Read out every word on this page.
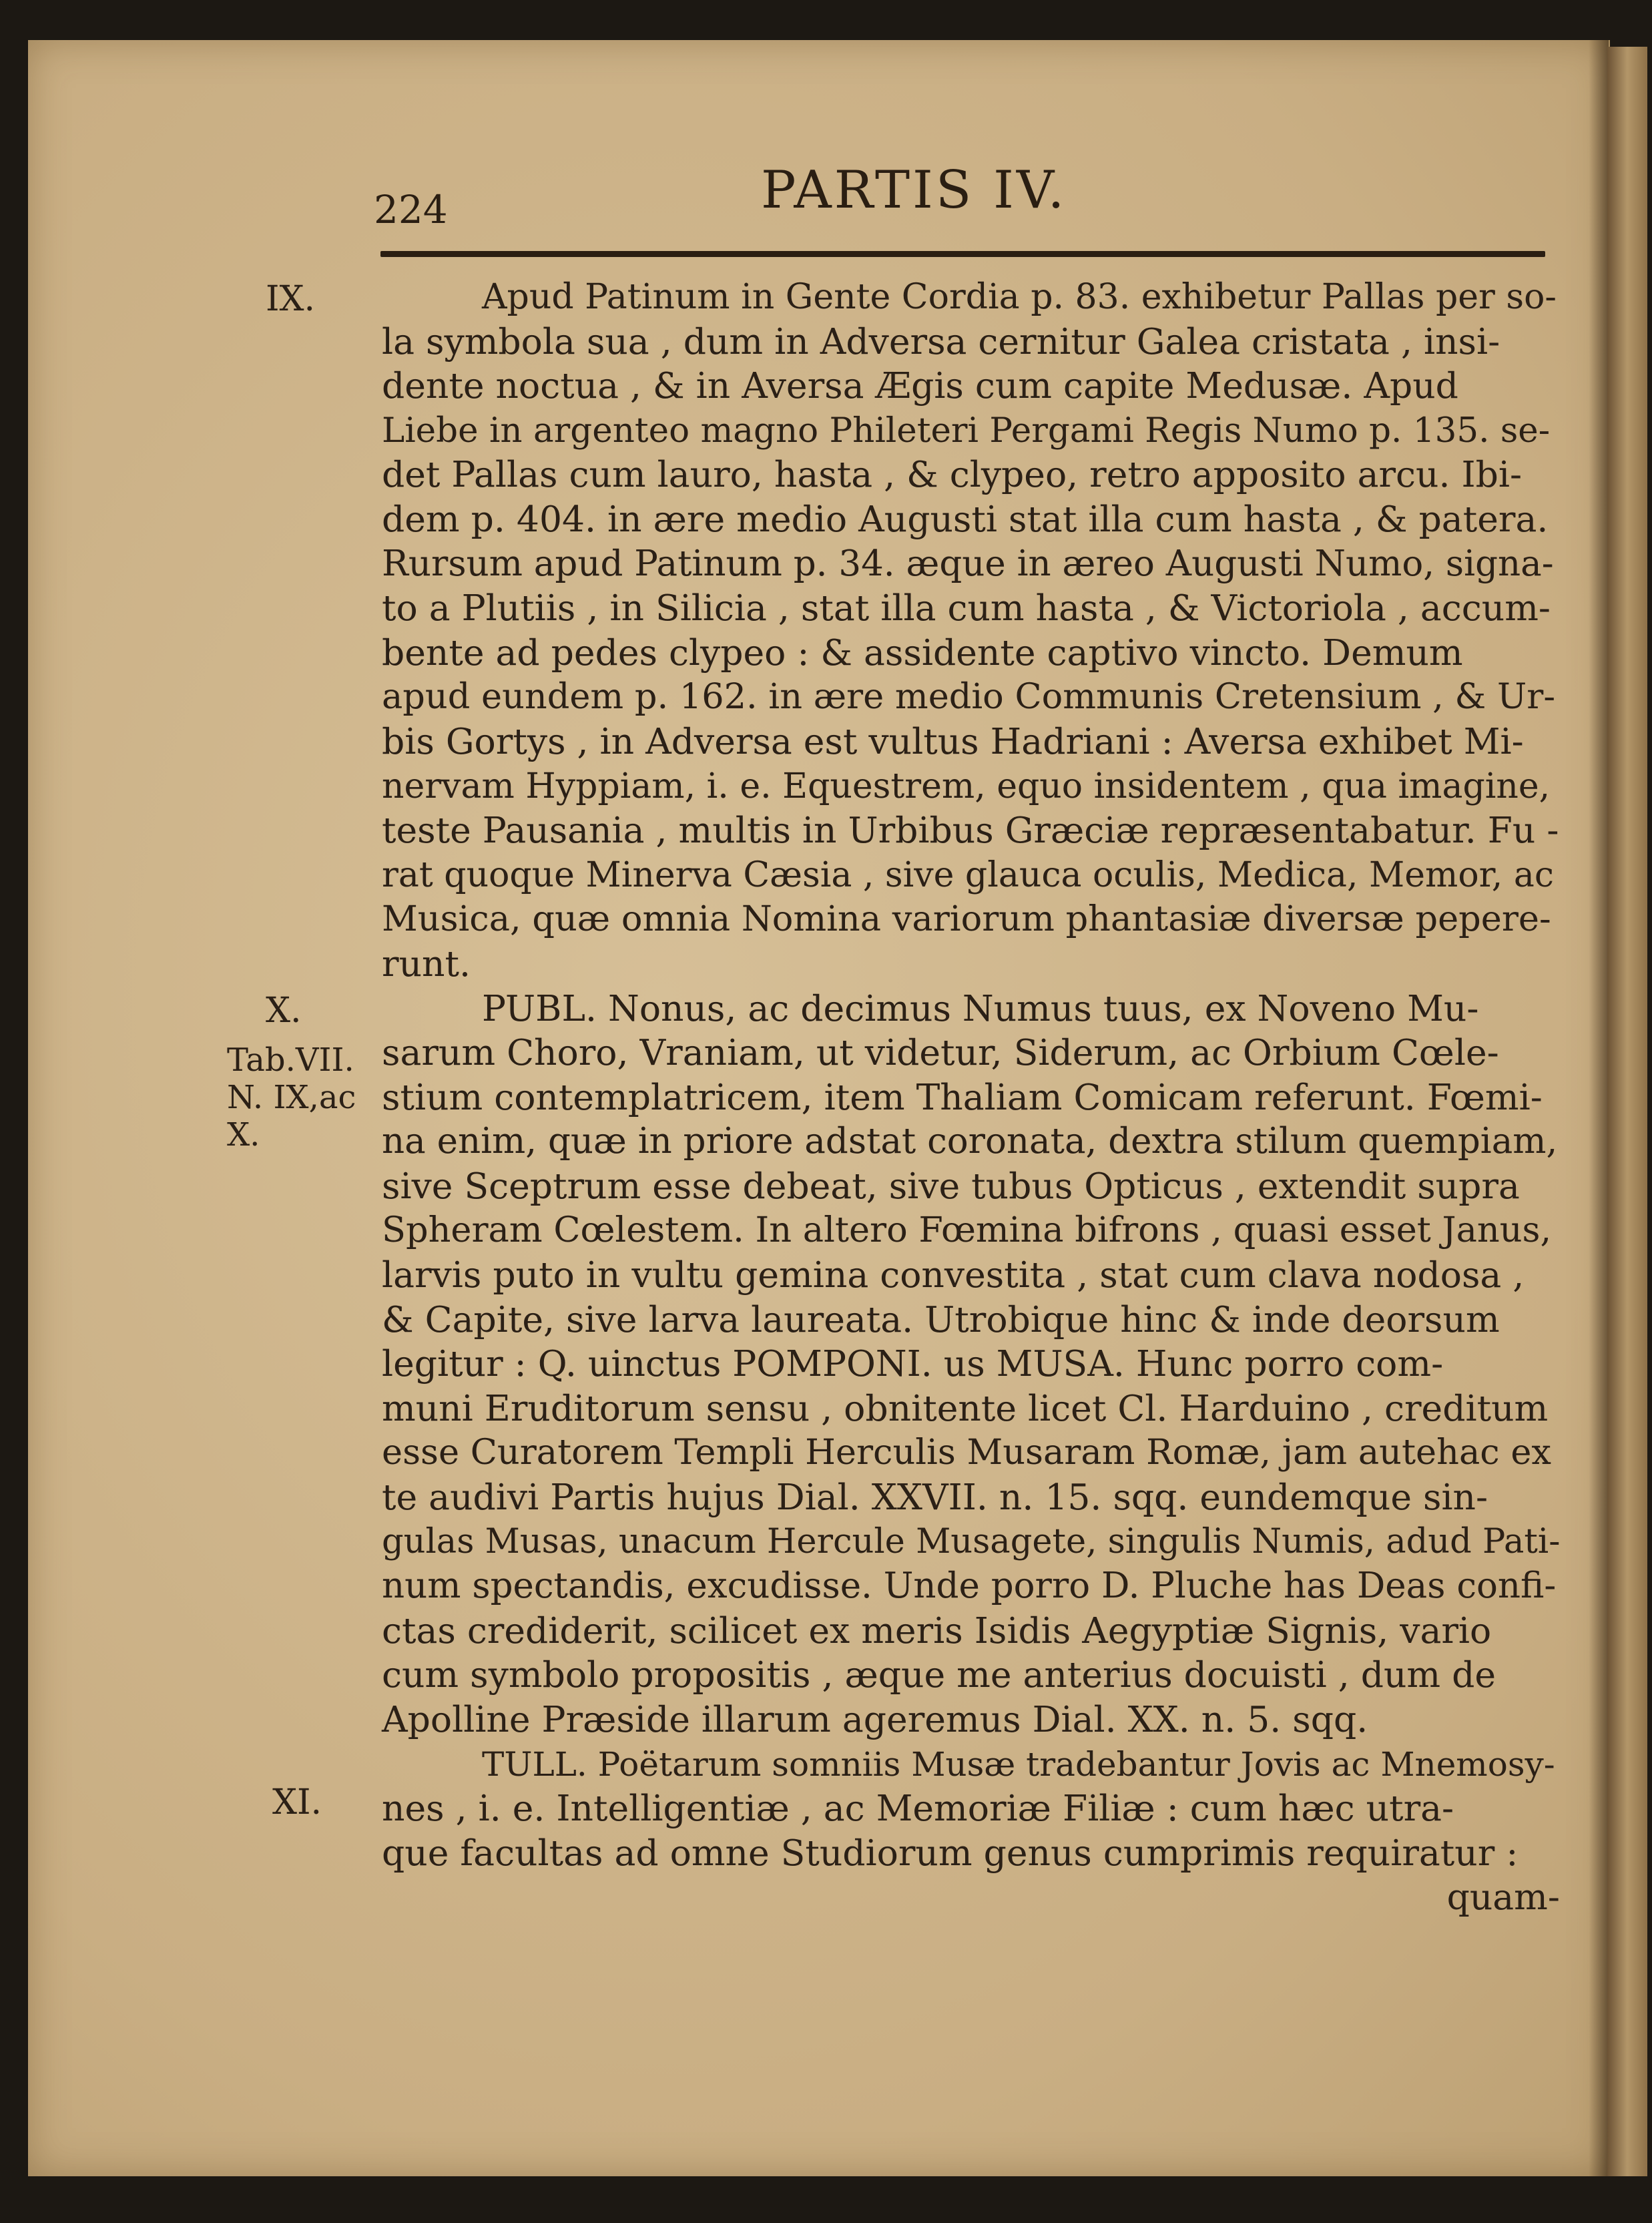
224	PARTIS IV.
IX.
X.
Tab.VII.
N. IX,ac
X.
XI.
Apud Patinum in Gente Cordia p. 83. exhibetur Pallas per so-
la symbola sua , dum in Adversa cernitur Galea cristata , insi-
dente noctua , & in Aversa Ægis cum capite Medusæ. Apud
Liebe in argenteo magno Phileteri Pergami Regis Numo p. 135. se-
det Pallas cum lauro, hasta , & clypeo, retro apposito arcu. Ibi-
dem p. 404. in ære medio Augusti stat illa cum hasta , & patera.
Rursum apud Patinum p. 34. æque in æreo Augusti Numo, signa-
to a Plutiis , in Silicia , stat illa cum hasta , & Victoriola , accum-
bente ad pedes clypeo : & assidente captivo vincto. Demum
apud eundem p. 162. in ære medio Communis Cretensium , & Ur-
bis Gortys , in Adversa est vultus Hadriani : Aversa exhibet Mi-
nervam Hyppiam, i. e. Equestrem, equo insidentem , qua imagine,
teste Pausania , multis in Urbibus Græciæ repræsentabatur. Fu -
rat quoque Minerva Cæsia , sive glauca oculis, Medica, Memor, ac
Musica, quæ omnia Nomina variorum phantasiæ diversæ pepere-
runt.
PUBL. Nonus, ac decimus Numus tuus, ex Noveno Mu-
sarum Choro, Vraniam, ut videtur, Siderum, ac Orbium Cœle-
stium contemplatricem, item Thaliam Comicam referunt. Fœmi-
na enim, quæ in priore adstat coronata, dextra stilum quempiam,
sive Sceptrum esse debeat, sive tubus Opticus , extendit supra
Spheram Cœlestem. In altero Fœmina bifrons , quasi esset Janus,
larvis puto in vultu gemina convestita , stat cum clava nodosa ,
& Capite, sive larva laureata. Utrobique hinc & inde deorsum
legitur : Q. uinctus POMPONI. us MUSA. Hunc porro com-
muni Eruditorum sensu , obnitente licet Cl. Harduino , creditum
esse Curatorem Templi Herculis Musaram Romæ, jam autehac ex
te audivi Partis hujus Dial. XXVII. n. 15. sqq. eundemque sin-
gulas Musas, unacum Hercule Musagete, singulis Numis, adud Pati-
num spectandis, excudisse. Unde porro D. Pluche has Deas confi-
ctas crediderit, scilicet ex meris Isidis Aegyptiæ Signis, vario
cum symbolo propositis , æque me anterius docuisti , dum de
Apolline Præside illarum ageremus Dial. XX. n. 5. sqq.
TULL. Poëtarum somniis Musæ tradebantur Jovis ac Mnemosy-
nes , i. e. Intelligentiæ , ac Memoriæ Filiæ : cum hæc utra-
que facultas ad omne Studiorum genus cumprimis requiratur :
quam-
